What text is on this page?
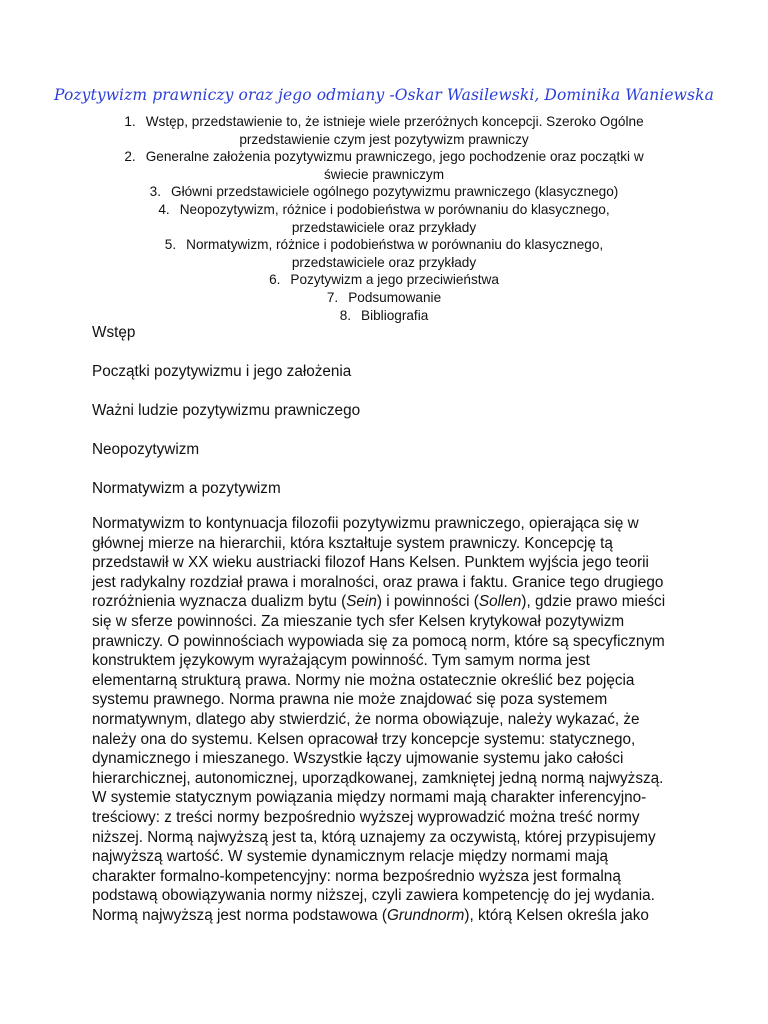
Pozytywizm prawniczy oraz jego odmiany -Oskar Wasilewski, Dominika Waniewska
1. Wstęp, przedstawienie to, że istnieje wiele przeróżnych koncepcji. Szeroko Ogólne
przedstawienie czym jest pozytywizm prawniczy
2. Generalne założenia pozytywizmu prawniczego, jego pochodzenie oraz początki w
świecie prawniczym
3. Główni przedstawiciele ogólnego pozytywizmu prawniczego (klasycznego)
4. Neopozytywizm, różnice i podobieństwa w porównaniu do klasycznego,
przedstawiciele oraz przykłady
5. Normatywizm, różnice i podobieństwa w porównaniu do klasycznego,
przedstawiciele oraz przykłady
6. Pozytywizm a jego przeciwieństwa
7. Podsumowanie
8. Bibliografia
Wstęp
Początki pozytywizmu i jego założenia
Ważni ludzie pozytywizmu prawniczego
Neopozytywizm
Normatywizm a pozytywizm

Normatywizm to kontynuacja filozofii pozytywizmu prawniczego, opierająca się w
głównej mierze na hierarchii, która kształtuje system prawniczy. Koncepcję tą
przedstawił w XX wieku austriacki filozof Hans Kelsen. Punktem wyjścia jego teorii
jest radykalny rozdział prawa i moralności, oraz prawa i faktu. Granice tego drugiego
rozróżnienia wyznacza dualizm bytu (Sein) i powinności (Sollen), gdzie prawo mieści
się w sferze powinności. Za mieszanie tych sfer Kelsen krytykował pozytywizm
prawniczy. O powinnościach wypowiada się za pomocą norm, które są specyficznym
konstruktem językowym wyrażającym powinność. Tym samym norma jest
elementarną strukturą prawa. Normy nie można ostatecznie określić bez pojęcia
systemu prawnego. Norma prawna nie może znajdować się poza systemem
normatywnym, dlatego aby stwierdzić, że norma obowiązuje, należy wykazać, że
należy ona do systemu. Kelsen opracował trzy koncepcje systemu: statycznego,
dynamicznego i mieszanego. Wszystkie łączy ujmowanie systemu jako całości
hierarchicznej, autonomicznej, uporządkowanej, zamkniętej jedną normą najwyższą.
W systemie statycznym powiązania między normami mają charakter inferencyjno-
treściowy: z treści normy bezpośrednio wyższej wyprowadzić można treść normy
niższej. Normą najwyższą jest ta, którą uznajemy za oczywistą, której przypisujemy
najwyższą wartość. W systemie dynamicznym relacje między normami mają
charakter formalno-kompetencyjny: norma bezpośrednio wyższa jest formalną
podstawą obowiązywania normy niższej, czyli zawiera kompetencję do jej wydania.
Normą najwyższą jest norma podstawowa (Grundnorm), którą Kelsen określa jako
